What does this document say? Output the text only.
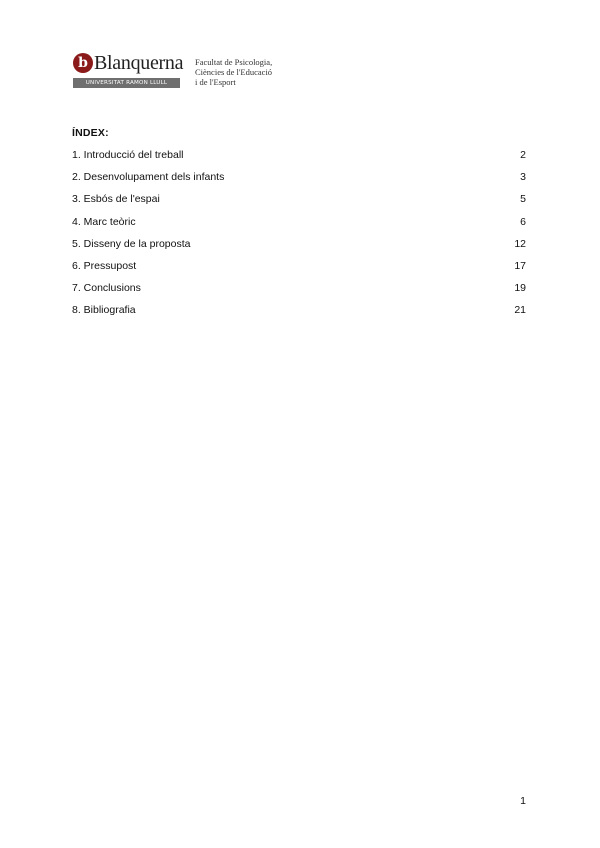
b Blanquerna
UNIVERSITAT RAMON LLULL
Facultat de Psicologia,
Ciències de l'Educació
i de l'Esport
ÍNDEX:
1. Introducció del treball	2
2. Desenvolupament dels infants	3
3. Esbós de l'espai	5
4. Marc teòric	6
5. Disseny de la proposta	12
6. Pressupost	17
7. Conclusions	19
8. Bibliografia	21
1
